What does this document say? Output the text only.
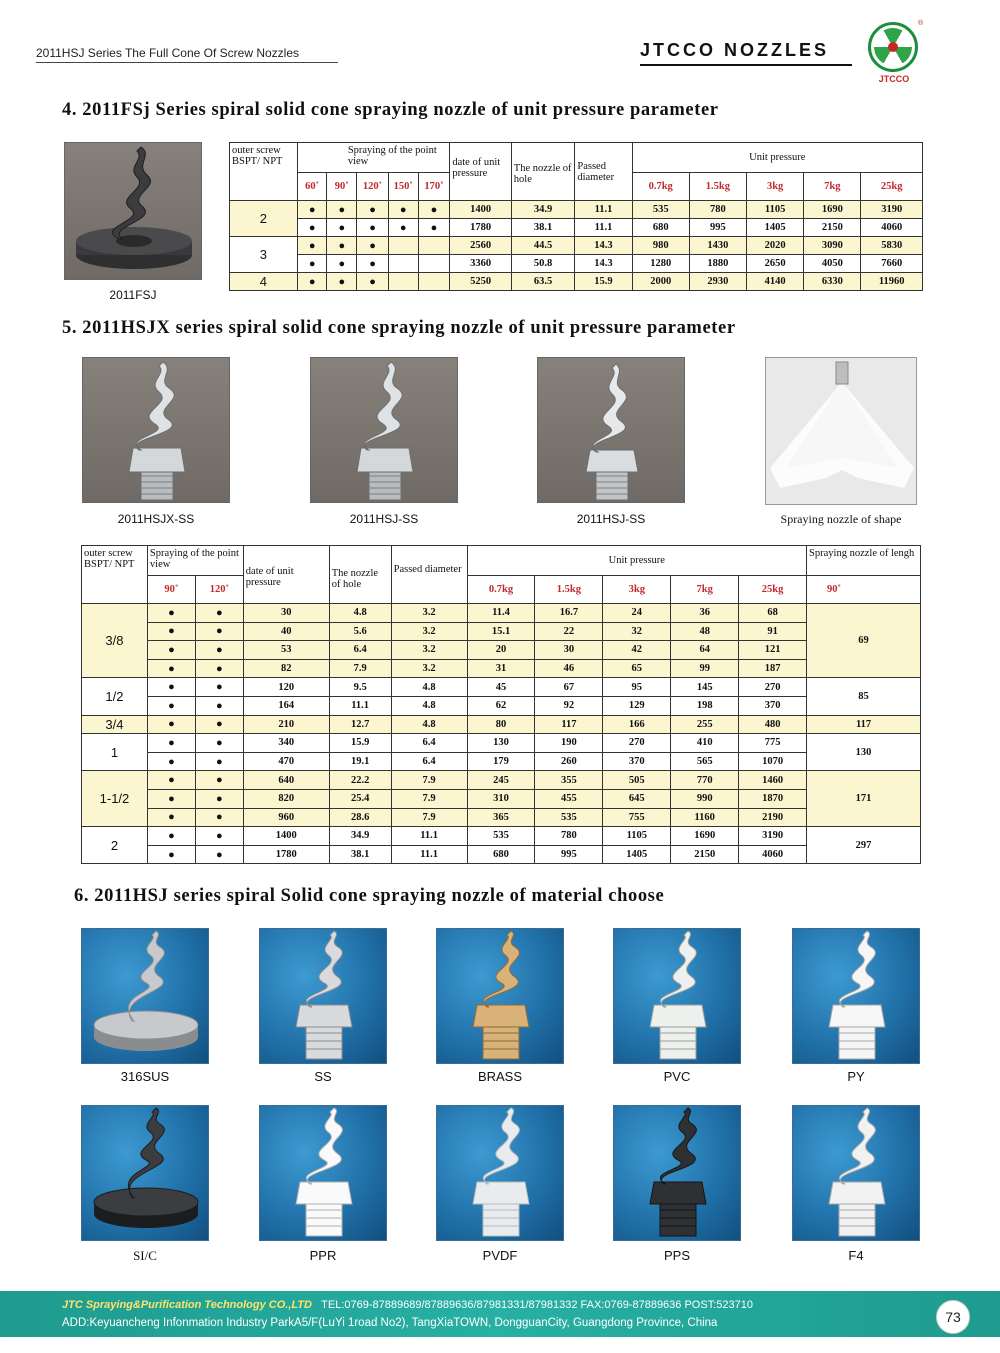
2011HSJ Series The Full Cone Of Screw Nozzles	JTCCO NOZZLES
®
JTCCO
4. 2011FSj Series spiral solid cone spraying nozzle of unit pressure parameter
2011FSJ
outer screw BSPT/ NPT	Spraying of the point view					date of unit pressure	The nozzle of hole	Passed diameter	Unit pressure				
	60˚	90˚	120˚	150˚	170˚				0.7kg	1.5kg	3kg	7kg	25kg
2	●	●	●	●	●	1400	34.9	11.1	535	780	1105	1690	3190
	●	●	●	●	●	1780	38.1	11.1	680	995	1405	2150	4060
3	●	●	●			2560	44.5	14.3	980	1430	2020	3090	5830
	●	●	●			3360	50.8	14.3	1280	1880	2650	4050	7660
4	●	●	●			5250	63.5	15.9	2000	2930	4140	6330	11960
5. 2011HSJX series spiral solid cone spraying nozzle of unit pressure parameter
2011HSJX-SS	2011HSJ-SS	2011HSJ-SS	Spraying nozzle of shape
outer screw BSPT/ NPT	Spraying of the point view		date of unit pressure	The nozzle of hole	Passed diameter	Unit pressure					Spraying nozzle of lengh
	90˚	120˚				0.7kg	1.5kg	3kg	7kg	25kg	90˚
3/8	●	●	30	4.8	3.2	11.4	16.7	24	36	68	69
	●	●	40	5.6	3.2	15.1	22	32	48	91	
	●	●	53	6.4	3.2	20	30	42	64	121	
	●	●	82	7.9	3.2	31	46	65	99	187	
1/2	●	●	120	9.5	4.8	45	67	95	145	270	85
	●	●	164	11.1	4.8	62	92	129	198	370	
3/4	●	●	210	12.7	4.8	80	117	166	255	480	117
1	●	●	340	15.9	6.4	130	190	270	410	775	130
	●	●	470	19.1	6.4	179	260	370	565	1070	
1-1/2	●	●	640	22.2	7.9	245	355	505	770	1460	171
	●	●	820	25.4	7.9	310	455	645	990	1870	
	●	●	960	28.6	7.9	365	535	755	1160	2190	
2	●	●	1400	34.9	11.1	535	780	1105	1690	3190	297
	●	●	1780	38.1	11.1	680	995	1405	2150	4060	
6. 2011HSJ series spiral Solid cone spraying nozzle of material choose
316SUS	SS	BRASS	PVC	PY
SI/C	PPR	PVDF	PPS	F4
JTC Spraying&Purification Technology CO.,LTD TEL:0769-87889689/87889636/87981331/87981332 FAX:0769-87889636 POST:523710
ADD:Keyuancheng Infonmation Industry ParkA5/F(LuYi 1road No2), TangXiaTOWN, DongguanCity, Guangdong Province, China	73
